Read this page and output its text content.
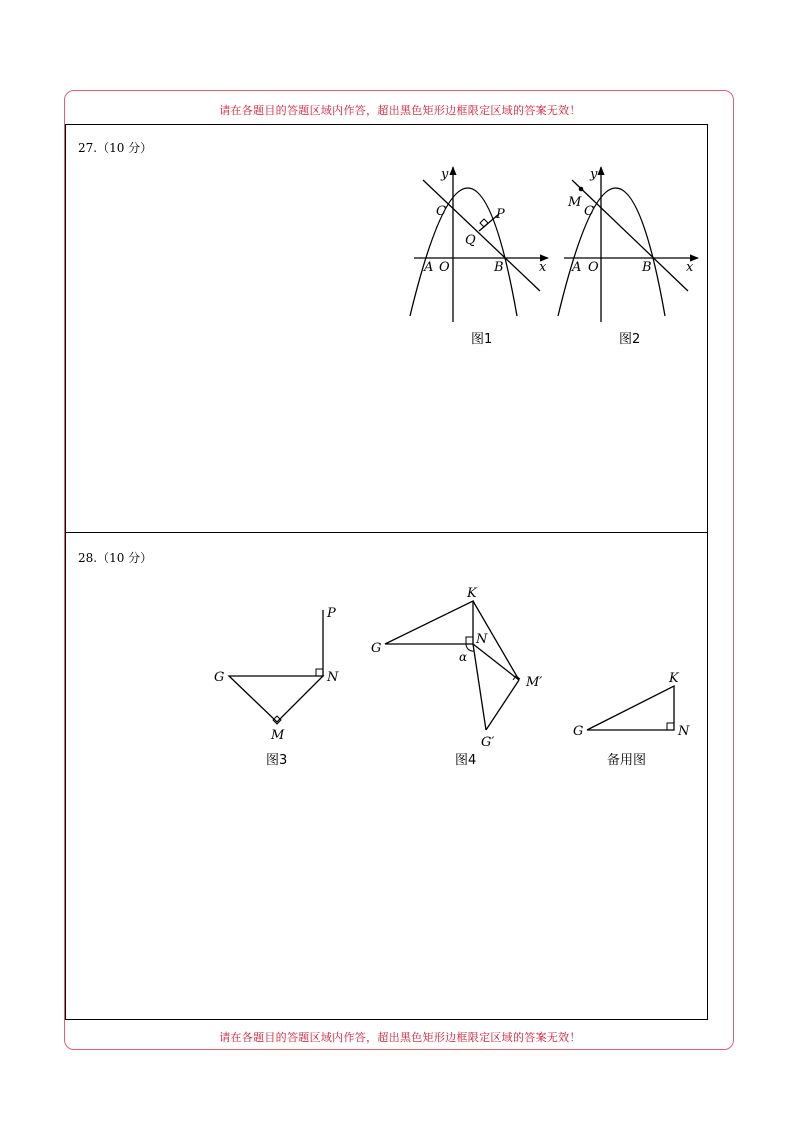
请在各题目的答题区域内作答，超出黑色矩形边框限定区域的答案无效！
请在各题目的答题区域内作答，超出黑色矩形边框限定区域的答案无效！
27.（10 分）
28.（10 分）
y
x
C	P
Q
A O	B
图1
y
x
M
C
A O	B
图2
P
G	N
M
图3
K
G
N
α
M′
G′
图4
K
G	N
备用图
